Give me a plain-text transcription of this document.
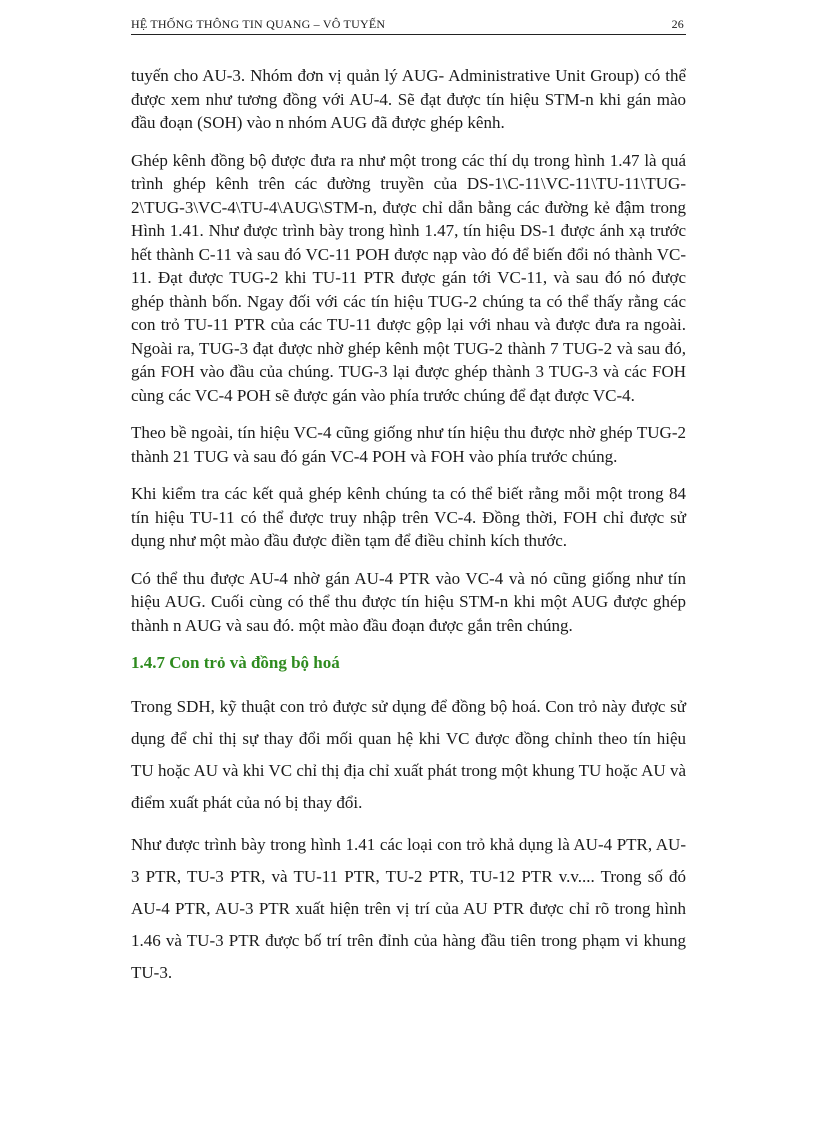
HỆ THỐNG THÔNG TIN QUANG – VÔ TUYẾN	26

tuyến cho AU-3. Nhóm đơn vị quản lý AUG- Administrative Unit Group) có thể được xem như tương đồng với AU-4. Sẽ đạt được tín hiệu STM-n khi gán mào đầu đoạn (SOH) vào n nhóm AUG đã được ghép kênh.

Ghép kênh đồng bộ được đưa ra như một trong các thí dụ trong hình 1.47 là quá trình ghép kênh trên các đường truyền của DS-1\C-11\VC-11\TU-11\TUG-2\TUG-3\VC-4\TU-4\AUG\STM-n, được chỉ dẫn bằng các đường kẻ đậm trong Hình 1.41. Như được trình bày trong hình 1.47, tín hiệu DS-1 được ánh xạ trước hết thành C-11 và sau đó VC-11 POH được nạp vào đó để biến đổi nó thành VC-11. Đạt được TUG-2 khi TU-11 PTR được gán tới VC-11, và sau đó nó được ghép thành bốn. Ngay đối với các tín hiệu TUG-2 chúng ta có thể thấy rằng các con trỏ TU-11 PTR của các TU-11 được gộp lại với nhau và được đưa ra ngoài. Ngoài ra, TUG-3 đạt được nhờ ghép kênh một TUG-2 thành 7 TUG-2 và sau đó, gán FOH vào đầu của chúng. TUG-3 lại được ghép thành 3 TUG-3 và các FOH cùng các VC-4 POH sẽ được gán vào phía trước chúng để đạt được VC-4.

Theo bề ngoài, tín hiệu VC-4 cũng giống như tín hiệu thu được nhờ ghép TUG-2 thành 21 TUG và sau đó gán VC-4 POH và FOH vào phía trước chúng.

Khi kiểm tra các kết quả ghép kênh chúng ta có thể biết rằng mỗi một trong 84 tín hiệu TU-11 có thể được truy nhập trên VC-4. Đồng thời, FOH chỉ được sử dụng như một mào đầu được điền tạm để điều chỉnh kích thước.

Có thể thu được AU-4 nhờ gán AU-4 PTR vào VC-4 và nó cũng giống như tín hiệu AUG. Cuối cùng có thể thu được tín hiệu STM-n khi một AUG được ghép thành n AUG và sau đó. một mào đầu đoạn được gắn trên chúng.

1.4.7 Con trỏ và đồng bộ hoá

Trong SDH, kỹ thuật con trỏ được sử dụng để đồng bộ hoá. Con trỏ này được sử dụng để chỉ thị sự thay đổi mối quan hệ khi VC được đồng chỉnh theo tín hiệu TU hoặc AU và khi VC chỉ thị địa chỉ xuất phát trong một khung TU hoặc AU và điểm xuất phát của nó bị thay đổi.

Như được trình bày trong hình 1.41 các loại con trỏ khả dụng là AU-4 PTR, AU-3 PTR, TU-3 PTR, và TU-11 PTR, TU-2 PTR, TU-12 PTR v.v.... Trong số đó AU-4 PTR, AU-3 PTR xuất hiện trên vị trí của AU PTR được chỉ rõ trong hình 1.46 và TU-3 PTR được bố trí trên đỉnh của hàng đầu tiên trong phạm vi khung TU-3.
